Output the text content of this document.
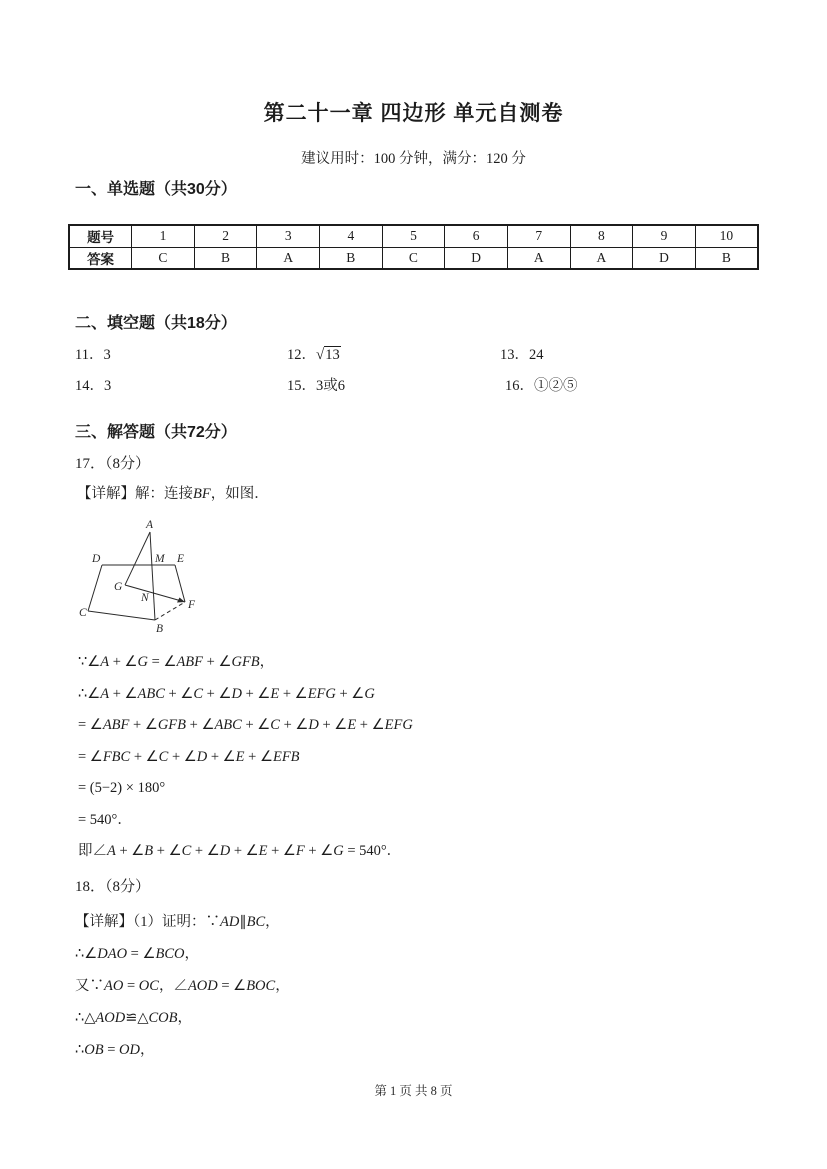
第二十一章 四边形 单元自测卷
建议用时：100 分钟，满分：120 分
一、单选题（共30分）
题号	1	2	3	4	5	6	7	8	9	10
答案	C	B	A	B	C	D	A	A	D	B
二、填空题（共18分）
11．3	12．√13	13．24
14．3	15．3或6	16．①②⑤
三、解答题（共72分）
17．（8分）
【详解】解：连接BF，如图．
A
D	M E
G
N
F
C
B

∵∠A + ∠G = ∠ABF + ∠GFB，

∴∠A + ∠ABC + ∠C + ∠D + ∠E + ∠EFG + ∠G

= ∠ABF + ∠GFB + ∠ABC + ∠C + ∠D + ∠E + ∠EFG

= ∠FBC + ∠C + ∠D + ∠E + ∠EFB

= (5−2) × 180°

= 540°．

即∠A + ∠B + ∠C + ∠D + ∠E + ∠F + ∠G = 540°．

18．（8分）

【详解】（1）证明：∵AD∥BC，

∴∠DAO = ∠BCO，

又∵AO = OC，∠AOD = ∠BOC，

∴△AOD≌△COB，

∴OB = OD，

第 1 页 共 8 页
